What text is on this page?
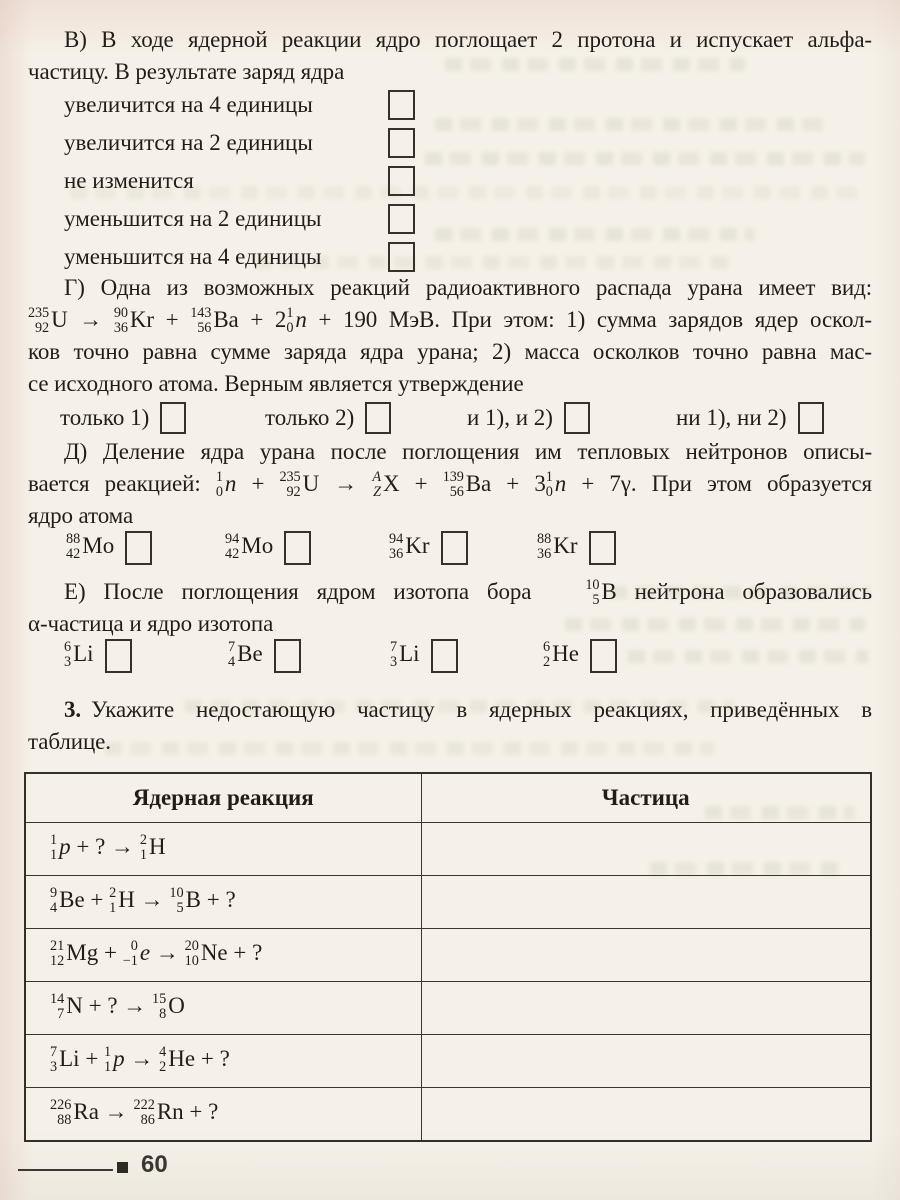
В) В ходе ядерной реакции ядро поглощает 2 протона и испускает альфа-
частицу. В результате заряд ядра
увеличится на 4 единицы
увеличится на 2 единицы
не изменится
уменьшится на 2 единицы
уменьшится на 4 единицы
Г) Одна из возможных реакций радиоактивного распада урана имеет вид:
235
92 U → 90
36 Kr + 143
56 Ba + 2 1
0 n + 190 МэВ. При этом: 1) сумма зарядов ядер оскол-
ков точно равна сумме заряда ядра урана; 2) масса осколков точно равна мас-
се исходного атома. Верным является утверждение
только 1)	только 2)	и 1), и 2)	ни 1), ни 2)
Д) Деление ядра урана после поглощения им тепловых нейтронов описы-
вается реакцией: 1
0 n + 235
92 U → A
Z X + 139
56 Ba + 3 1
0 n + 7γ. При этом образуется
ядро атома
88
42 Mo	94
42 Mo	94
36 Kr	88
36 Kr
Е) После поглощения ядром изотопа бора	10
5 B нейтрона образовались
α-частица и ядро изотопа
6
3 Li	7
4 Be	7
3 Li	6
2 He
3. Укажите недостающую частицу в ядерных реакциях, приведённых в
таблице.
Ядерная реакция	Частица

1
1 p + ? → 2
1 H	

9
4 Be + 2
1 H → 10
5 B + ?	

21
12 Mg + 0
−1 e → 20
10 Ne + ?	

14
7 N + ? → 15
8 O	

7
3 Li + 1
1 p → 4
2 He + ?	

226
88 Ra → 222
86 Rn + ?	
60
